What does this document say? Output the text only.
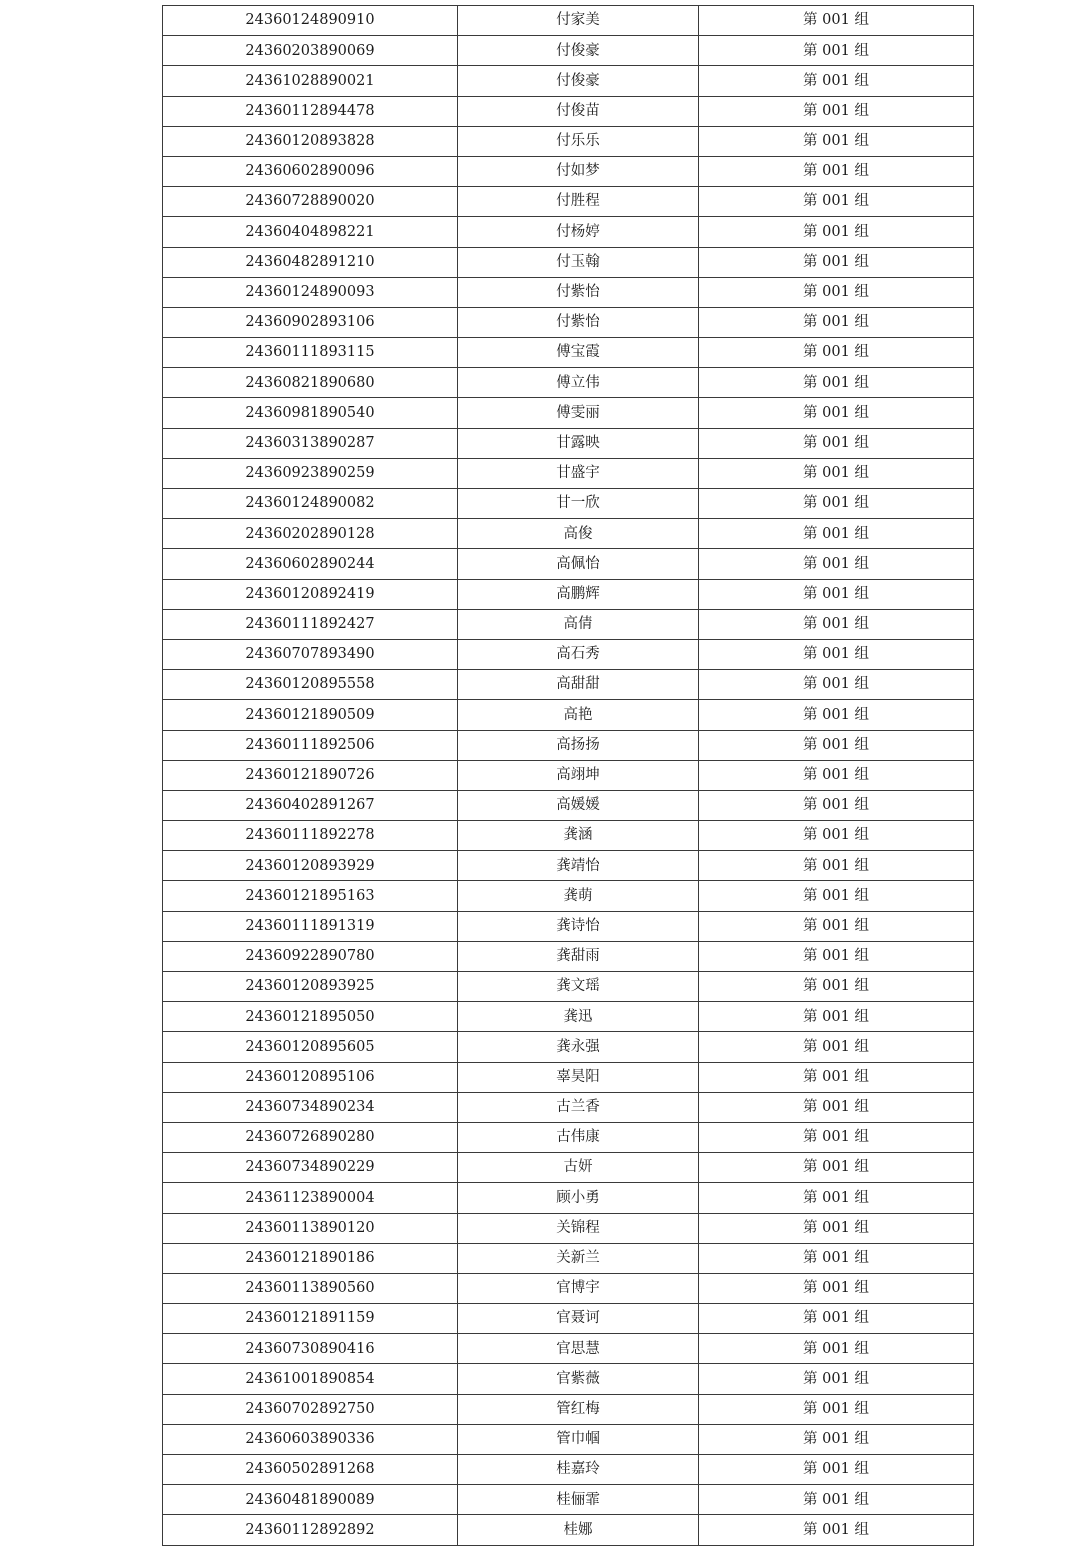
24360124890910	付家美	第 001 组
24360203890069	付俊豪	第 001 组
24361028890021	付俊豪	第 001 组
24360112894478	付俊苗	第 001 组
24360120893828	付乐乐	第 001 组
24360602890096	付如梦	第 001 组
24360728890020	付胜程	第 001 组
24360404898221	付杨婷	第 001 组
24360482891210	付玉翰	第 001 组
24360124890093	付紫怡	第 001 组
24360902893106	付紫怡	第 001 组
24360111893115	傅宝霞	第 001 组
24360821890680	傅立伟	第 001 组
24360981890540	傅雯丽	第 001 组
24360313890287	甘露映	第 001 组
24360923890259	甘盛宇	第 001 组
24360124890082	甘一欣	第 001 组
24360202890128	高俊	第 001 组
24360602890244	高佩怡	第 001 组
24360120892419	高鹏辉	第 001 组
24360111892427	高倩	第 001 组
24360707893490	高石秀	第 001 组
24360120895558	高甜甜	第 001 组
24360121890509	高艳	第 001 组
24360111892506	高扬扬	第 001 组
24360121890726	高翊坤	第 001 组
24360402891267	高媛媛	第 001 组
24360111892278	龚涵	第 001 组
24360120893929	龚靖怡	第 001 组
24360121895163	龚萌	第 001 组
24360111891319	龚诗怡	第 001 组
24360922890780	龚甜雨	第 001 组
24360120893925	龚文瑶	第 001 组
24360121895050	龚迅	第 001 组
24360120895605	龚永强	第 001 组
24360120895106	辜昊阳	第 001 组
24360734890234	古兰香	第 001 组
24360726890280	古伟康	第 001 组
24360734890229	古妍	第 001 组
24361123890004	顾小勇	第 001 组
24360113890120	关锦程	第 001 组
24360121890186	关新兰	第 001 组
24360113890560	官博宇	第 001 组
24360121891159	官聂诃	第 001 组
24360730890416	官思慧	第 001 组
24361001890854	官紫薇	第 001 组
24360702892750	管红梅	第 001 组
24360603890336	管巾帼	第 001 组
24360502891268	桂嘉玲	第 001 组
24360481890089	桂俪霏	第 001 组
24360112892892	桂娜	第 001 组
